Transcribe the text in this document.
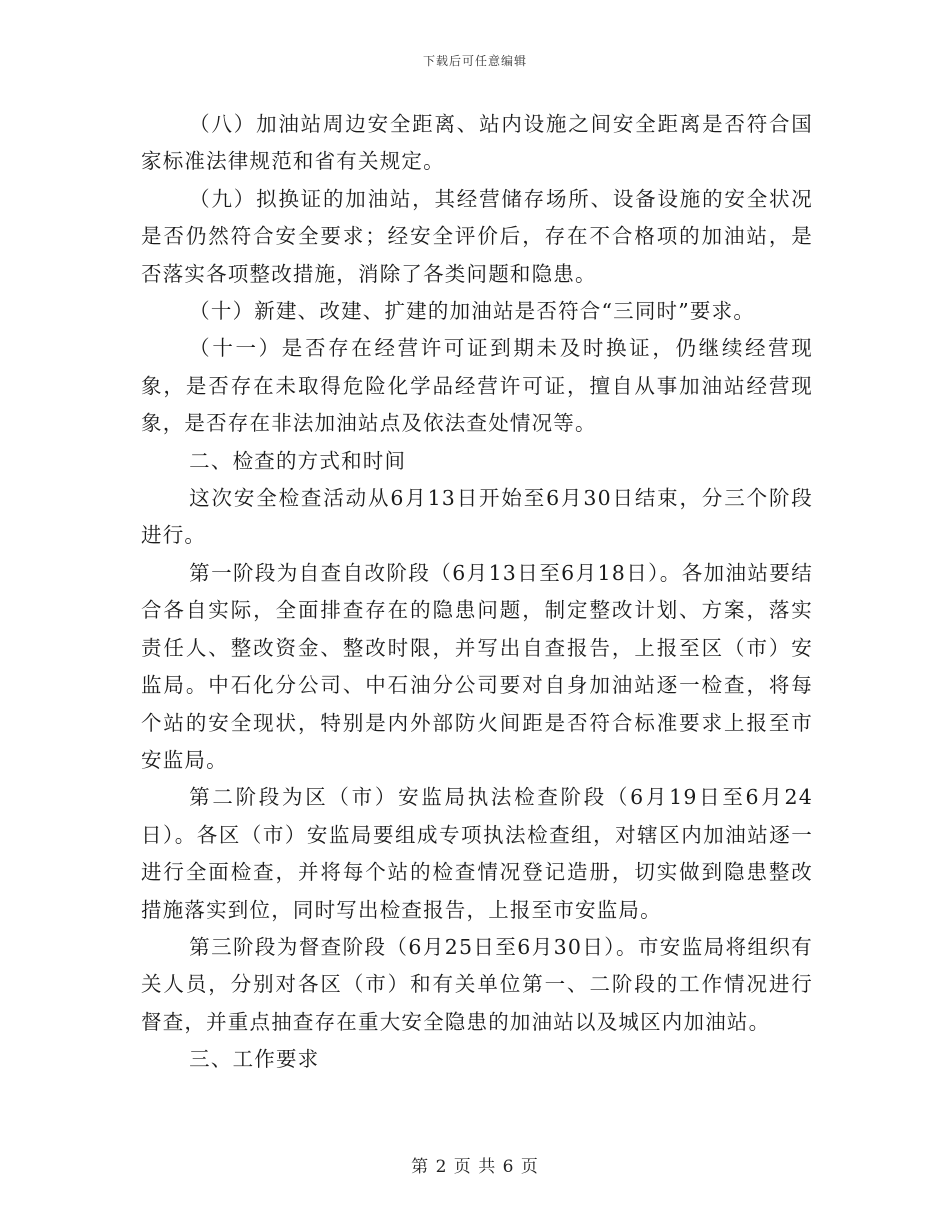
下载后可任意编辑

（八）加油站周边安全距离、站内设施之间安全距离是否符合国家标准法律规范和省有关规定。

（九）拟换证的加油站，其经营储存场所、设备设施的安全状况是否仍然符合安全要求；经安全评价后，存在不合格项的加油站，是否落实各项整改措施，消除了各类问题和隐患。

（十）新建、改建、扩建的加油站是否符合“三同时”要求。

（十一）是否存在经营许可证到期未及时换证，仍继续经营现象，是否存在未取得危险化学品经营许可证，擅自从事加油站经营现象，是否存在非法加油站点及依法查处情况等。

二、检查的方式和时间

这次安全检查活动从6月13日开始至6月30日结束，分三个阶段进行。

第一阶段为自查自改阶段（6月13日至6月18日）。各加油站要结合各自实际，全面排查存在的隐患问题，制定整改计划、方案，落实责任人、整改资金、整改时限，并写出自查报告，上报至区（市）安监局。中石化分公司、中石油分公司要对自身加油站逐一检查，将每个站的安全现状，特别是内外部防火间距是否符合标准要求上报至市安监局。

第二阶段为区（市）安监局执法检查阶段（6月19日至6月24日）。各区（市）安监局要组成专项执法检查组，对辖区内加油站逐一进行全面检查，并将每个站的检查情况登记造册，切实做到隐患整改措施落实到位，同时写出检查报告，上报至市安监局。

第三阶段为督查阶段（6月25日至6月30日）。市安监局将组织有关人员，分别对各区（市）和有关单位第一、二阶段的工作情况进行督查，并重点抽查存在重大安全隐患的加油站以及城区内加油站。

三、工作要求

第 2 页 共 6 页
